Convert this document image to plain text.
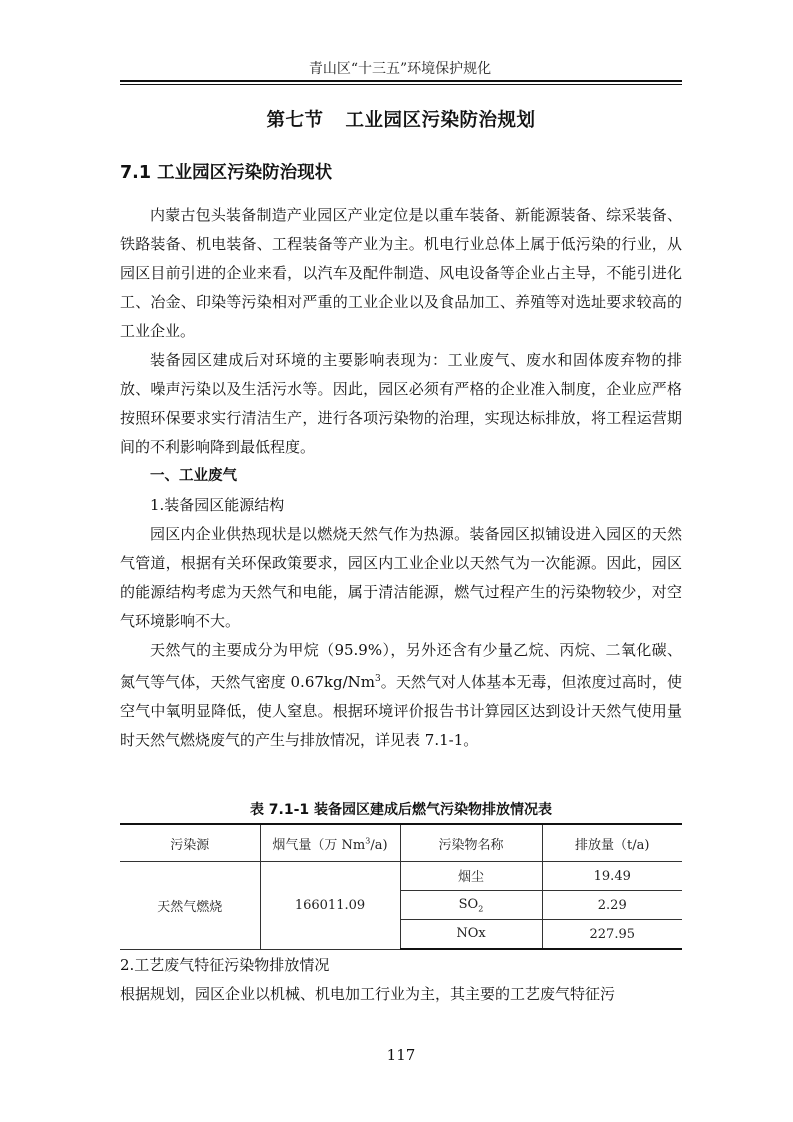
青山区“十三五”环境保护规化
第七节 工业园区污染防治规划
7.1 工业园区污染防治现状

内蒙古包头装备制造产业园区产业定位是以重车装备、新能源装备、综采装备、铁路装备、机电装备、工程装备等产业为主。机电行业总体上属于低污染的行业，从园区目前引进的企业来看，以汽车及配件制造、风电设备等企业占主导，不能引进化工、冶金、印染等污染相对严重的工业企业以及食品加工、养殖等对选址要求较高的工业企业。

装备园区建成后对环境的主要影响表现为：工业废气、废水和固体废弃物的排放、噪声污染以及生活污水等。因此，园区必须有严格的企业准入制度，企业应严格按照环保要求实行清洁生产，进行各项污染物的治理，实现达标排放，将工程运营期间的不利影响降到最低程度。

一、工业废气

1.装备园区能源结构

园区内企业供热现状是以燃烧天然气作为热源。装备园区拟铺设进入园区的天然气管道，根据有关环保政策要求，园区内工业企业以天然气为一次能源。因此，园区的能源结构考虑为天然气和电能，属于清洁能源，燃气过程产生的污染物较少，对空气环境影响不大。

天然气的主要成分为甲烷（95.9%），另外还含有少量乙烷、丙烷、二氧化碳、氮气等气体，天然气密度 0.67kg/Nm$^3$。天然气对人体基本无毒，但浓度过高时，使空气中氧明显降低，使人窒息。根据环境评价报告书计算园区达到设计天然气使用量时天然气燃烧废气的产生与排放情况，详见表 7.1-1。

表 7.1-1 装备园区建成后燃气污染物排放情况表
污染源	烟气量（万 Nm$^3$/a)	污染物名称	排放量（t/a)
天然气燃烧	166011.09	烟尘	19.49
		$SO_2$	2.29
		NOx	227.95

2.工艺废气特征污染物排放情况

根据规划，园区企业以机械、机电加工行业为主，其主要的工艺废气特征污

117
